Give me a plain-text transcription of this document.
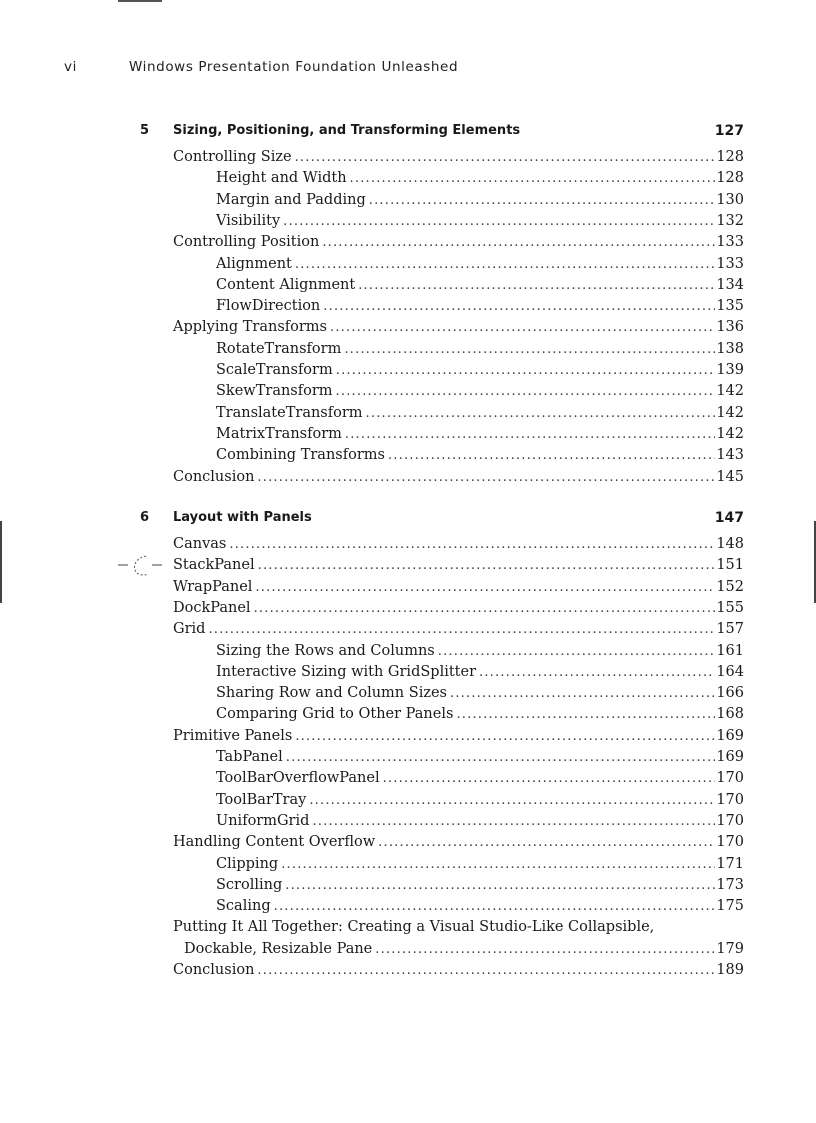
vi	Windows Presentation Foundation Unleashed
5 Sizing, Positioning, and Transforming Elements	127
Controlling Size .....	128
Height and Width .....	128
Margin and Padding .....	130
Visibility .....	132
Controlling Position .....	133
Alignment .....	133
Content Alignment .....	134
FlowDirection .....	135
Applying Transforms .....	136
RotateTransform .....	138
ScaleTransform .....	139
SkewTransform .....	142
TranslateTransform .....	142
MatrixTransform .....	142
Combining Transforms .....	143
Conclusion .....	145
6 Layout with Panels	147
Canvas .....	148
StackPanel .....	151
WrapPanel .....	152
DockPanel .....	155
Grid .....	157
Sizing the Rows and Columns .....	161
Interactive Sizing with GridSplitter .....	164
Sharing Row and Column Sizes .....	166
Comparing Grid to Other Panels .....	168
Primitive Panels .....	169
TabPanel .....	169
ToolBarOverflowPanel .....	170
ToolBarTray .....	170
UniformGrid .....	170
Handling Content Overflow .....	170
Clipping .....	171
Scrolling .....	173
Scaling .....	175
Putting It All Together: Creating a Visual Studio-Like Collapsible,
Dockable, Resizable Pane .....	179
Conclusion .....	189
